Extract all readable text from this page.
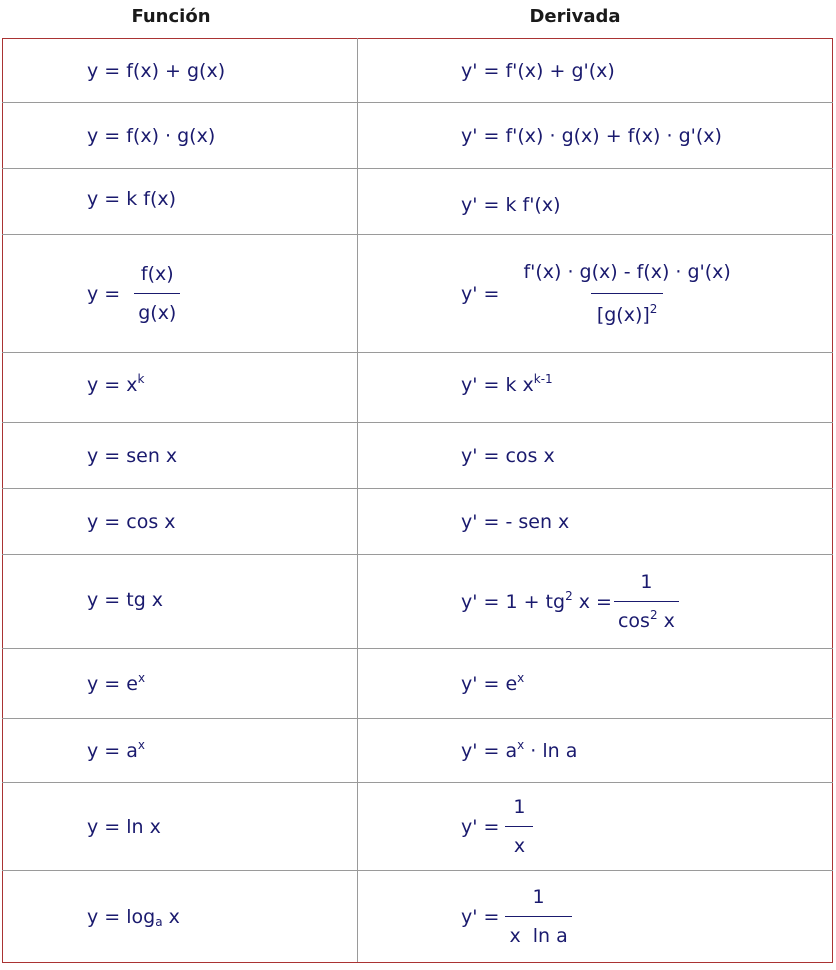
Función	Derivada
y = f(x) + g(x)	y' = f'(x) + g'(x)

y = f(x) · g(x)	y' = f'(x) · g(x) + f(x) · g'(x)

y = k f(x)	y' = k f'(x)

$y = \frac{f(x)}{g(x)}$	$y' = \frac{f'(x) \cdot g(x) - f(x) \cdot g'(x)}{[g(x)]^2}$

$y = x^k$	y' = k $x^{k-1}$

y = sen x	y' = cos x

y = cos x	y' = - sen x

y = tg x	$y' = 1 + tg^2$ $x = \frac{1}{\cos^2 x}$

$y = e^x$	$y' = e^x$

$y = a^x$	$y' = a^x \cdot \ln a$

y = ln x	$y' = \frac{1}{x}$

$y = \log_a x$	$y' = \frac{1}{\text{x  ln a}}$
